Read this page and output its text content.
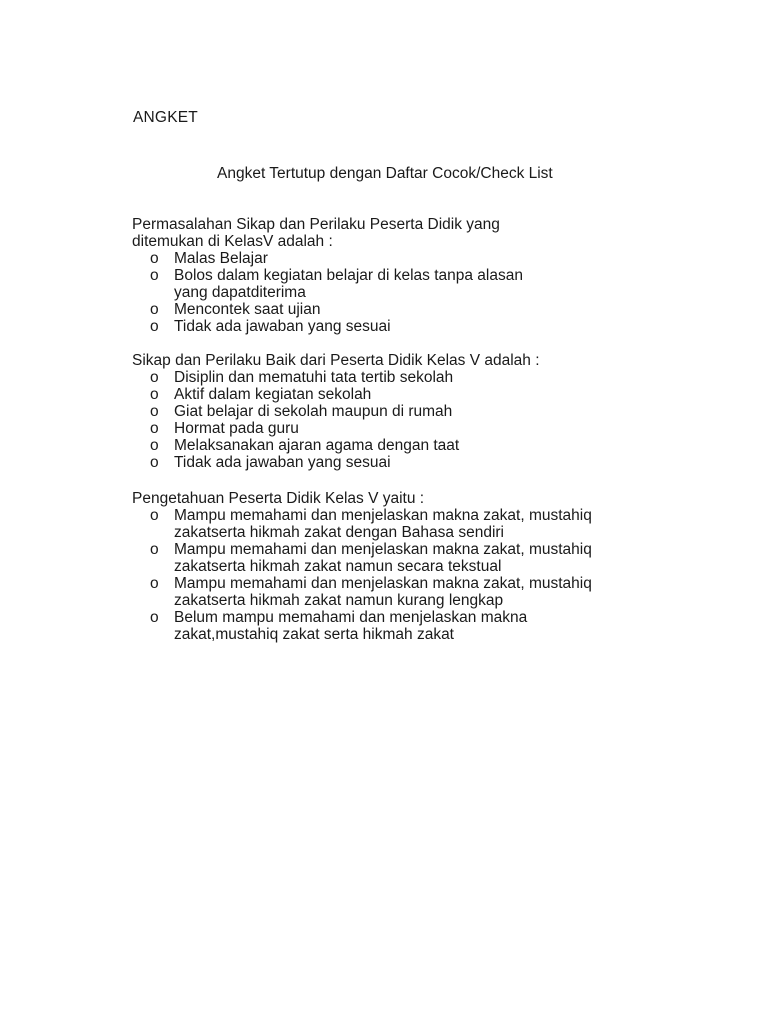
ANGKET

Angket Tertutup dengan Daftar Cocok/Check List

Permasalahan Sikap dan Perilaku Peserta Didik yang ditemukan di KelasV adalah :

o Malas Belajar
o Bolos dalam kegiatan belajar di kelas tanpa alasan yang dapatditerima
o Mencontek saat ujian
o Tidak ada jawaban yang sesuai

Sikap dan Perilaku Baik dari Peserta Didik Kelas V adalah :

o Disiplin dan mematuhi tata tertib sekolah
o Aktif dalam kegiatan sekolah
o Giat belajar di sekolah maupun di rumah
o Hormat pada guru
o Melaksanakan ajaran agama dengan taat
o Tidak ada jawaban yang sesuai

Pengetahuan Peserta Didik Kelas V yaitu :

o Mampu memahami dan menjelaskan makna zakat, mustahiq zakatserta hikmah zakat dengan Bahasa sendiri
o Mampu memahami dan menjelaskan makna zakat, mustahiq zakatserta hikmah zakat namun secara tekstual
o Mampu memahami dan menjelaskan makna zakat, mustahiq zakatserta hikmah zakat namun kurang lengkap
o Belum mampu memahami dan menjelaskan makna zakat,mustahiq zakat serta hikmah zakat
